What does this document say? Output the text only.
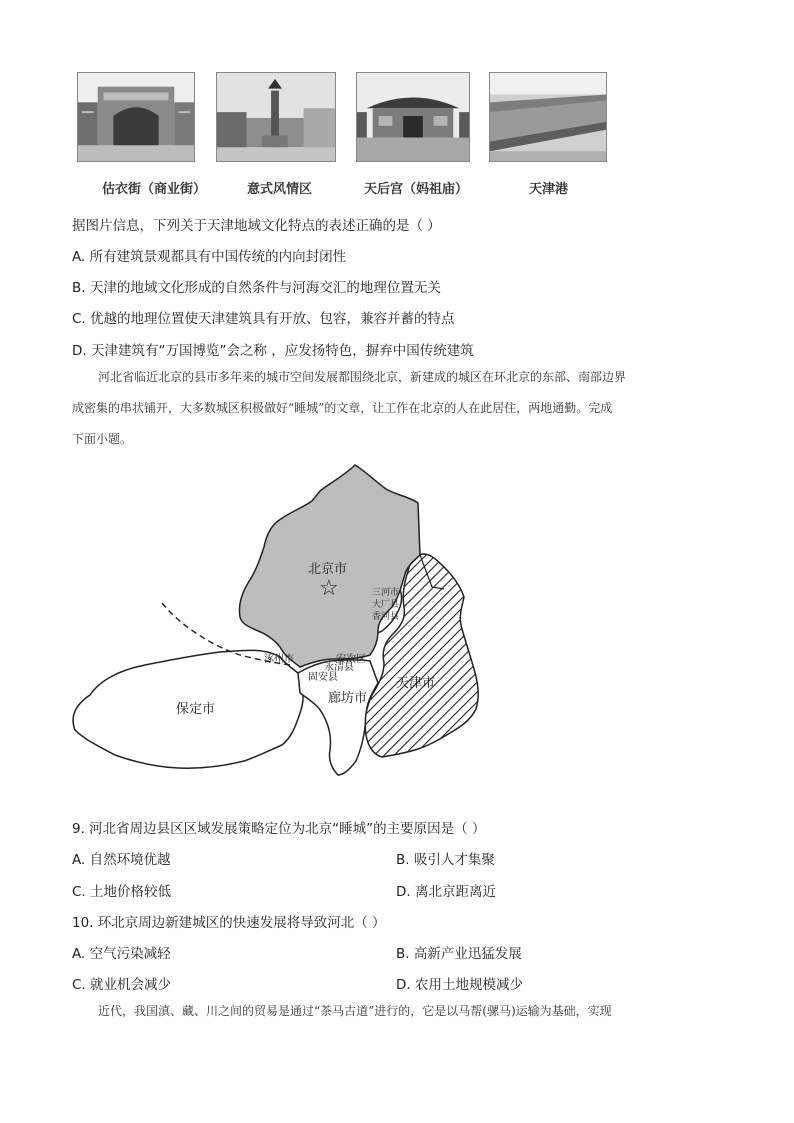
估衣街（商业街）	意式风情区	天后宫（妈祖庙）	天津港
据图片信息，下列关于天津地域文化特点的表述正确的是（ ）
A. 所有建筑景观都具有中国传统的内向封闭性
B. 天津的地域文化形成的自然条件与河海交汇的地理位置无关
C. 优越的地理位置使天津建筑具有开放、包容，兼容并蓄的特点
D. 天津建筑有“万国博览”会之称 ，应发扬特色，摒弃中国传统建筑

河北省临近北京的县市多年来的城市空间发展都围绕北京，新建成的城区在环北京的东部、南部边界

成密集的串状铺开，大多数城区积极做好“睡城”的文章，让工作在北京的人在此居住，两地通勤。完成

下面小题。

北京市
☆	三河市
大厂县
香河县
涿州市	安次区
永清县
固安县
廊坊市
天津市
保定市
9. 河北省周边县区区域发展策略定位为北京“睡城”的主要原因是（ ）
A. 自然环境优越	B. 吸引人才集聚
C. 土地价格较低	D. 离北京距离近
10. 环北京周边新建城区的快速发展将导致河北（ ）
A. 空气污染减轻	B. 高新产业迅猛发展
C. 就业机会减少	D. 农用土地规模减少

近代，我国滇、藏、川之间的贸易是通过“茶马古道”进行的，它是以马帮(骡马)运输为基础，实现
